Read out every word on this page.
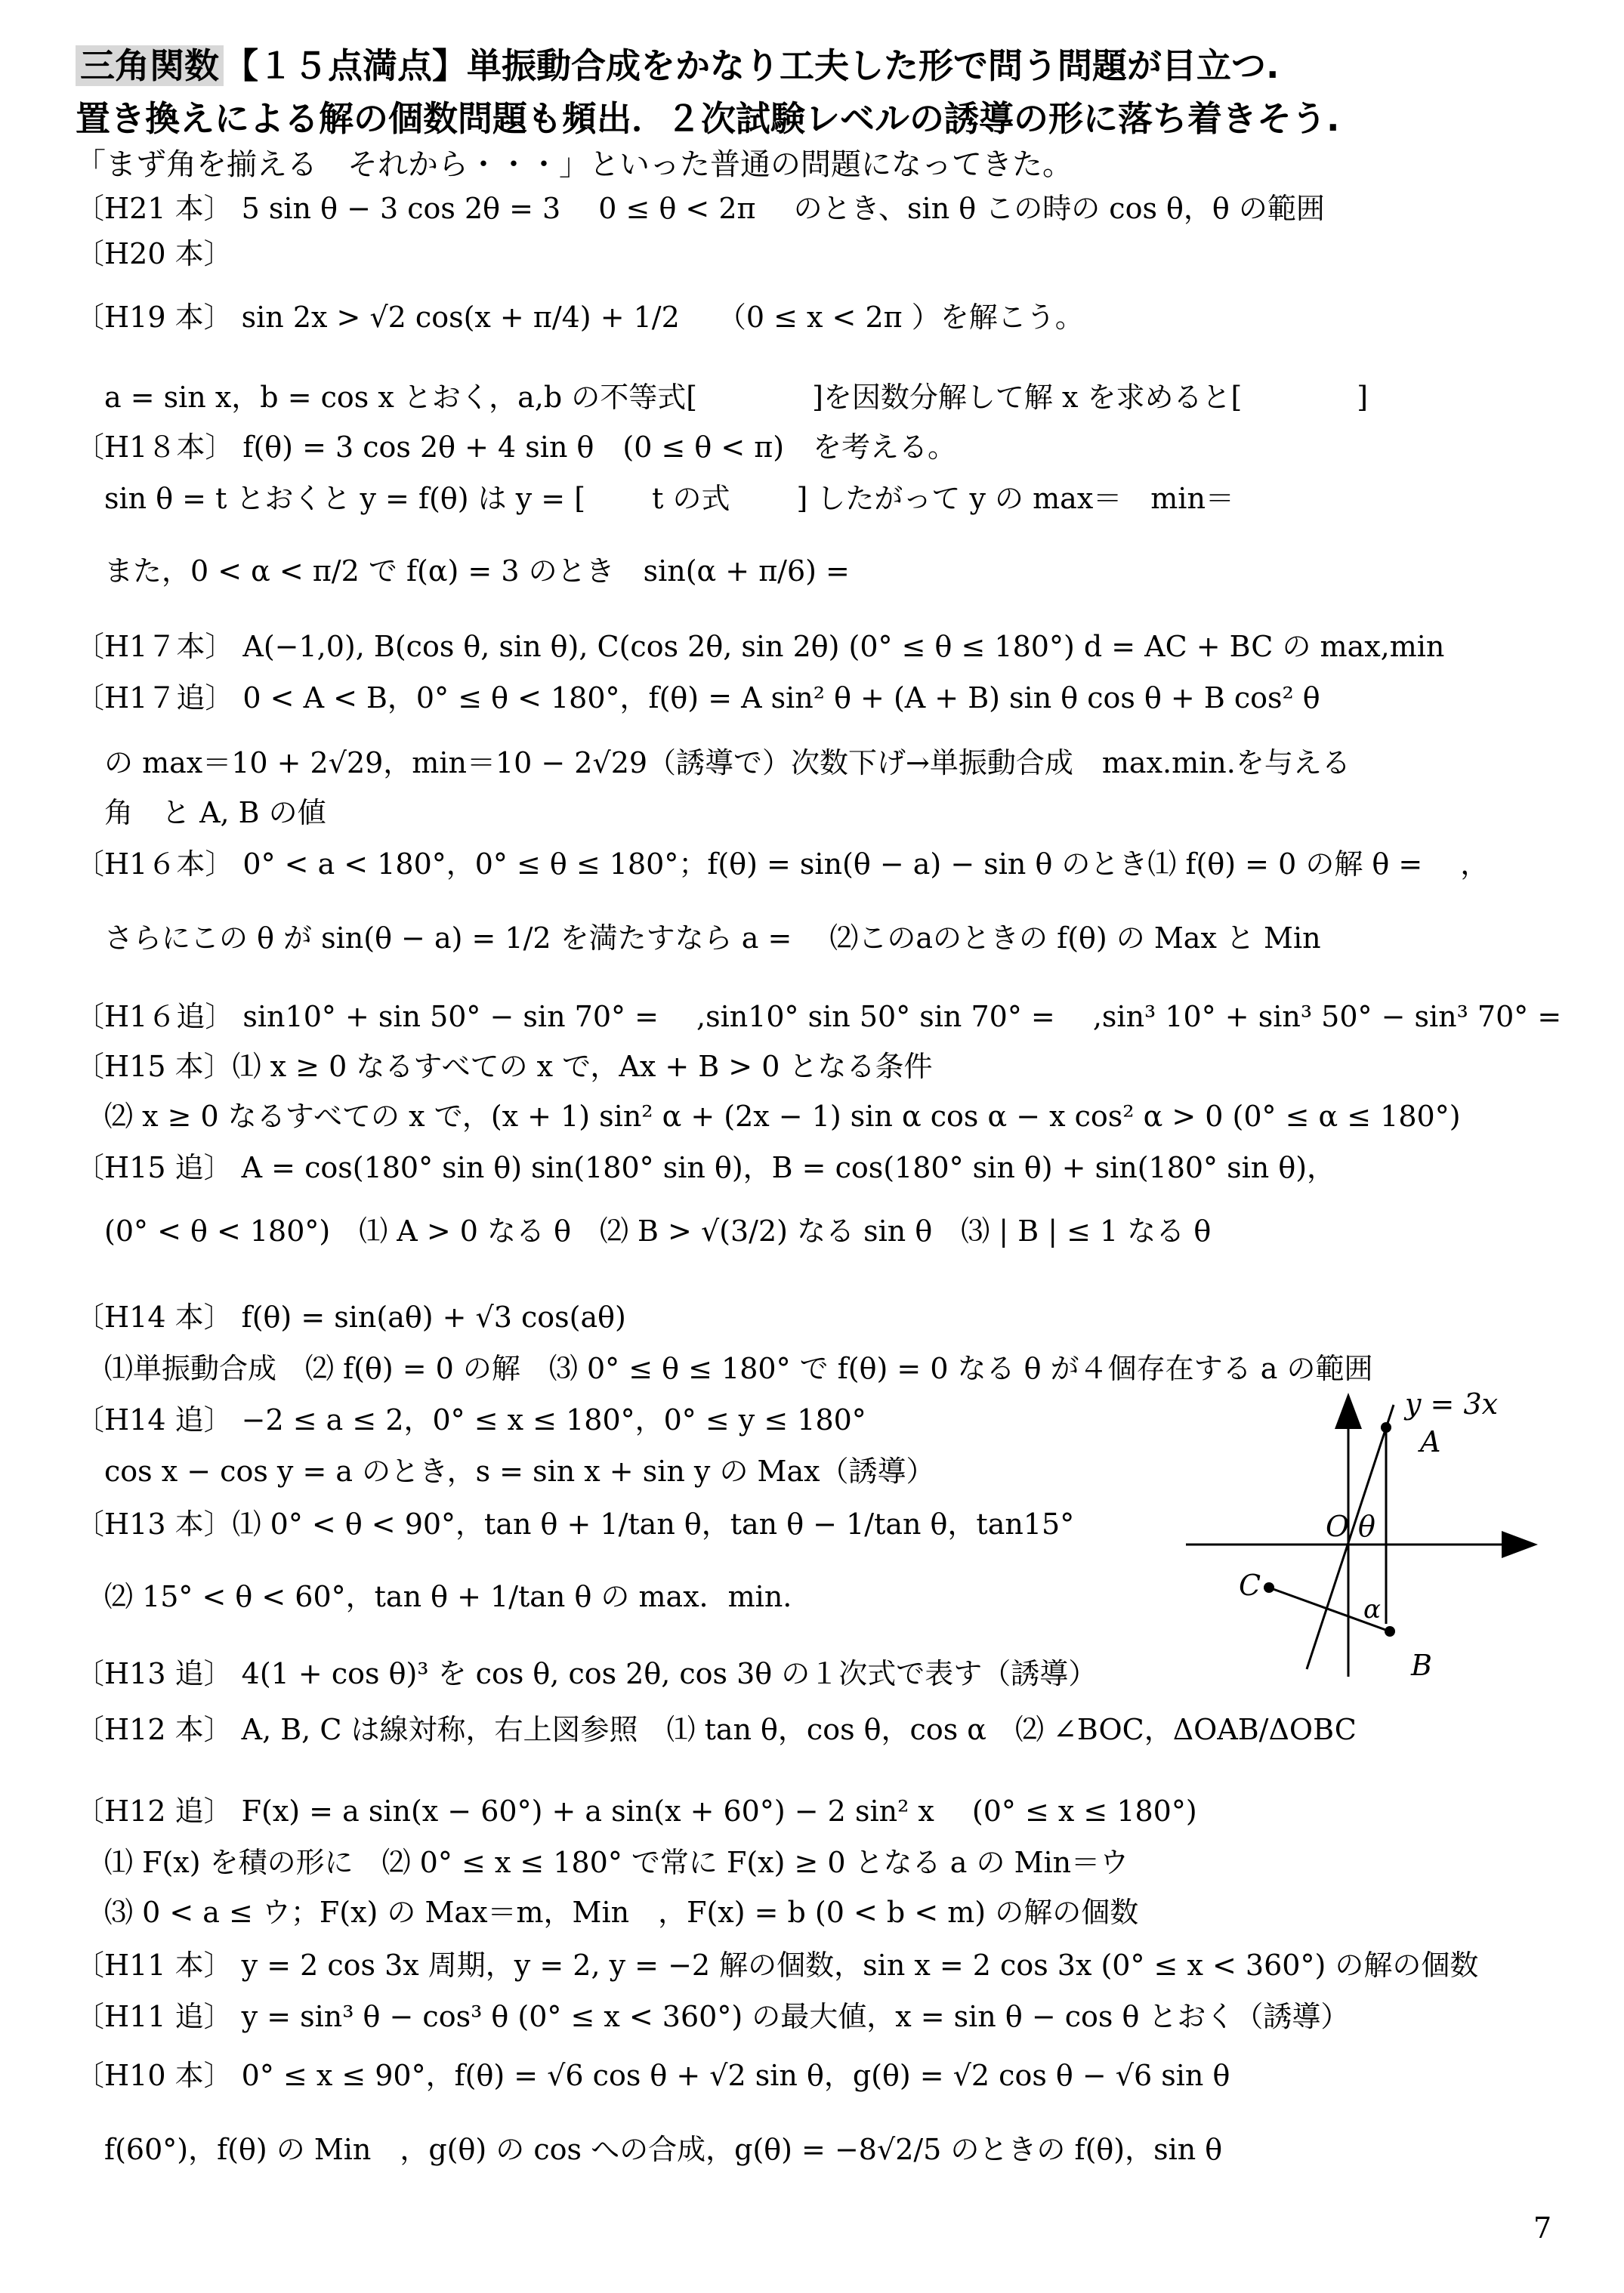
三角関数 【１５点満点】単振動合成をかなり工夫した形で問う問題が目立つ.
置き換えによる解の個数問題も頻出．２次試験レベルの誘導の形に落ち着きそう.
「まず角を揃える　それから・・・」といった普通の問題になってきた。
〔H21 本〕 5 sin θ − 3 cos 2θ = 3　 0 ≤ θ < 2π　 のとき、sin θ この時の cos θ，θ の範囲
〔H20 本〕
〔H19 本〕 sin 2x > √2 cos(x + π/4) + 1/2　 （0 ≤ x < 2π ）を解こう。
　a = sin x，b = cos x とおく，a,b の不等式[　　　　]を因数分解して解 x を求めると[　　　　]
〔H1８本〕 f(θ) = 3 cos 2θ + 4 sin θ　(0 ≤ θ < π)　を考える。
　sin θ = t とおくと y = f(θ) は y = [　　 t の式　　 ] したがって y の max＝　min＝
　また，0 < α < π/2 で f(α) = 3 のとき　sin(α + π/6) =
〔H1７本〕 A(−1,0), B(cos θ, sin θ), C(cos 2θ, sin 2θ) (0° ≤ θ ≤ 180°) d = AC + BC の max,min
〔H1７追〕 0 < A < B，0° ≤ θ < 180°，f(θ) = A sin² θ + (A + B) sin θ cos θ + B cos² θ
　の max＝10 + 2√29，min＝10 − 2√29（誘導で）次数下げ→単振動合成　max.min.を与える
　角　と A, B の値
〔H1６本〕 0° < a < 180°，0° ≤ θ ≤ 180°；f(θ) = sin(θ − a) − sin θ のとき⑴ f(θ) = 0 の解 θ = 　，
　さらにこの θ が sin(θ − a) = 1/2 を満たすなら a = 　⑵このaのときの f(θ) の Max と Min
〔H1６追〕 sin10° + sin 50° − sin 70° = 　,sin10° sin 50° sin 70° = 　,sin³ 10° + sin³ 50° − sin³ 70° =
〔H15 本〕⑴ x ≥ 0 なるすべての x で，Ax + B > 0 となる条件
　⑵ x ≥ 0 なるすべての x で，(x + 1) sin² α + (2x − 1) sin α cos α − x cos² α > 0 (0° ≤ α ≤ 180°)
〔H15 追〕 A = cos(180° sin θ) sin(180° sin θ)，B = cos(180° sin θ) + sin(180° sin θ)，
　(0° < θ < 180°)　⑴ A > 0 なる θ　⑵ B > √(3/2) なる sin θ　⑶ | B | ≤ 1 なる θ
〔H14 本〕 f(θ) = sin(aθ) + √3 cos(aθ)
　⑴単振動合成　⑵ f(θ) = 0 の解　⑶ 0° ≤ θ ≤ 180° で f(θ) = 0 なる θ が４個存在する a の範囲
〔H14 追〕 −2 ≤ a ≤ 2，0° ≤ x ≤ 180°，0° ≤ y ≤ 180°
　cos x − cos y = a のとき，s = sin x + sin y の Max（誘導）
〔H13 本〕⑴ 0° < θ < 90°，tan θ + 1/tan θ，tan θ − 1/tan θ，tan15°
　⑵ 15° < θ < 60°，tan θ + 1/tan θ の max．min.
〔H13 追〕 4(1 + cos θ)³ を cos θ, cos 2θ, cos 3θ の１次式で表す（誘導）
〔H12 本〕 A, B, C は線対称，右上図参照　⑴ tan θ，cos θ，cos α　⑵ ∠BOC，ΔOAB/ΔOBC
〔H12 追〕 F(x) = a sin(x − 60°) + a sin(x + 60°) − 2 sin² x　 (0° ≤ x ≤ 180°)
　⑴ F(x) を積の形に　⑵ 0° ≤ x ≤ 180° で常に F(x) ≥ 0 となる a の Min＝ウ
　⑶ 0 < a ≤ ウ；F(x) の Max＝m，Min　，F(x) = b (0 < b < m) の解の個数
〔H11 本〕 y = 2 cos 3x 周期，y = 2, y = −2 解の個数，sin x = 2 cos 3x (0° ≤ x < 360°) の解の個数
〔H11 追〕 y = sin³ θ − cos³ θ (0° ≤ x < 360°) の最大値，x = sin θ − cos θ とおく（誘導）
〔H10 本〕 0° ≤ x ≤ 90°，f(θ) = √6 cos θ + √2 sin θ，g(θ) = √2 cos θ − √6 sin θ
　f(60°)，f(θ) の Min　，g(θ) の cos への合成，g(θ) = −8√2/5 のときの f(θ)，sin θ
y = 3x
A
O θ
C
α
B
7
